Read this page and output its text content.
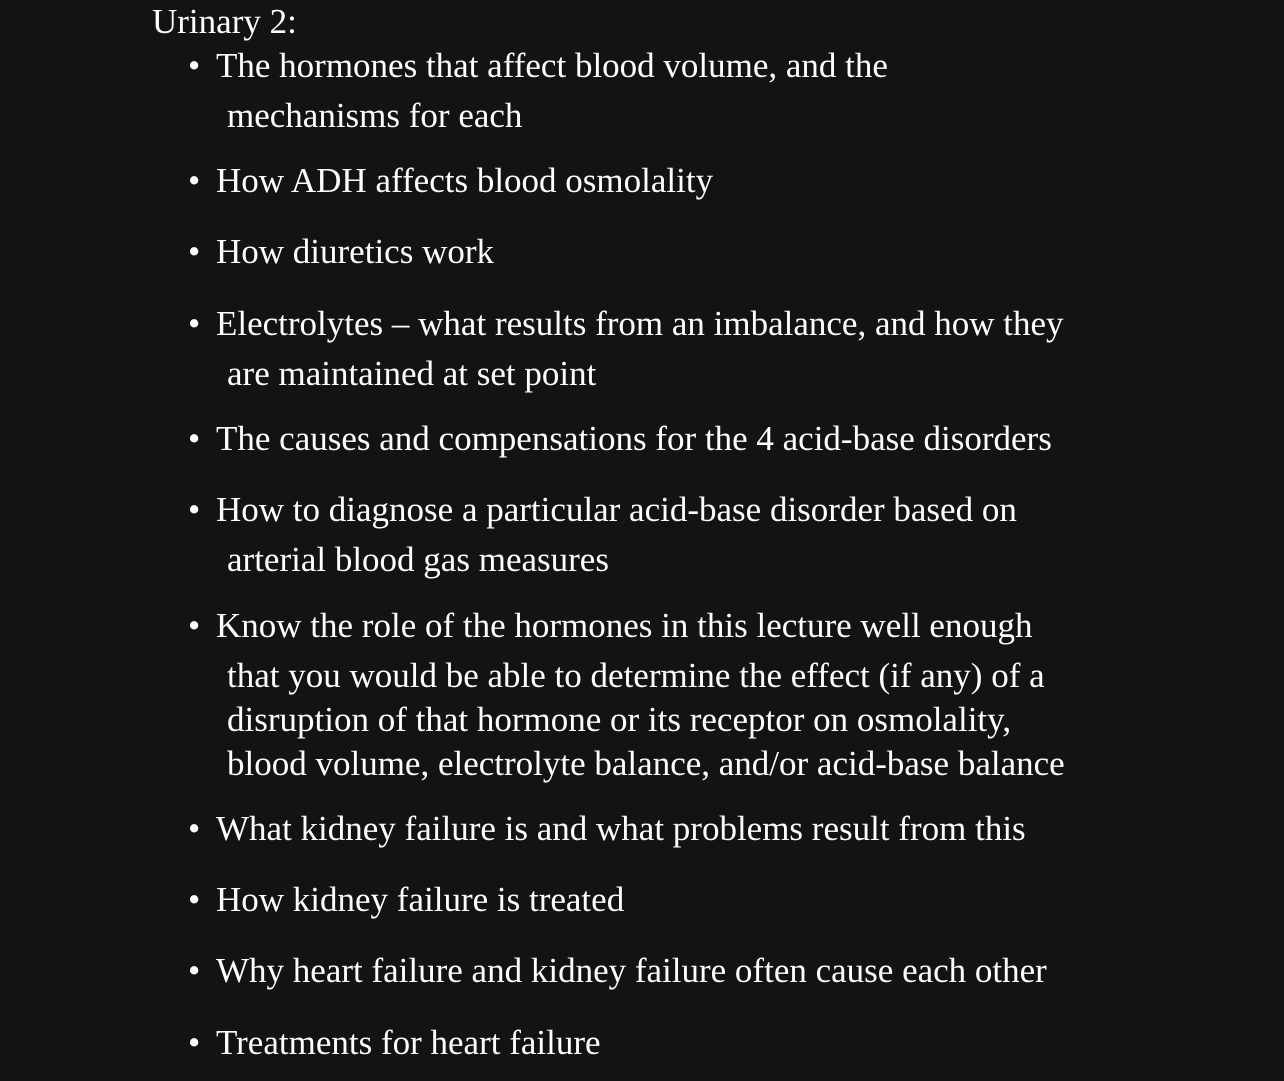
Urinary 2:
• The hormones that affect blood volume, and the
mechanisms for each
• How ADH affects blood osmolality
• How diuretics work
• Electrolytes – what results from an imbalance, and how they
are maintained at set point
• The causes and compensations for the 4 acid-base disorders
• How to diagnose a particular acid-base disorder based on
arterial blood gas measures
• Know the role of the hormones in this lecture well enough
that you would be able to determine the effect (if any) of a
disruption of that hormone or its receptor on osmolality,
blood volume, electrolyte balance, and/or acid-base balance
• What kidney failure is and what problems result from this
• How kidney failure is treated
• Why heart failure and kidney failure often cause each other
• Treatments for heart failure
